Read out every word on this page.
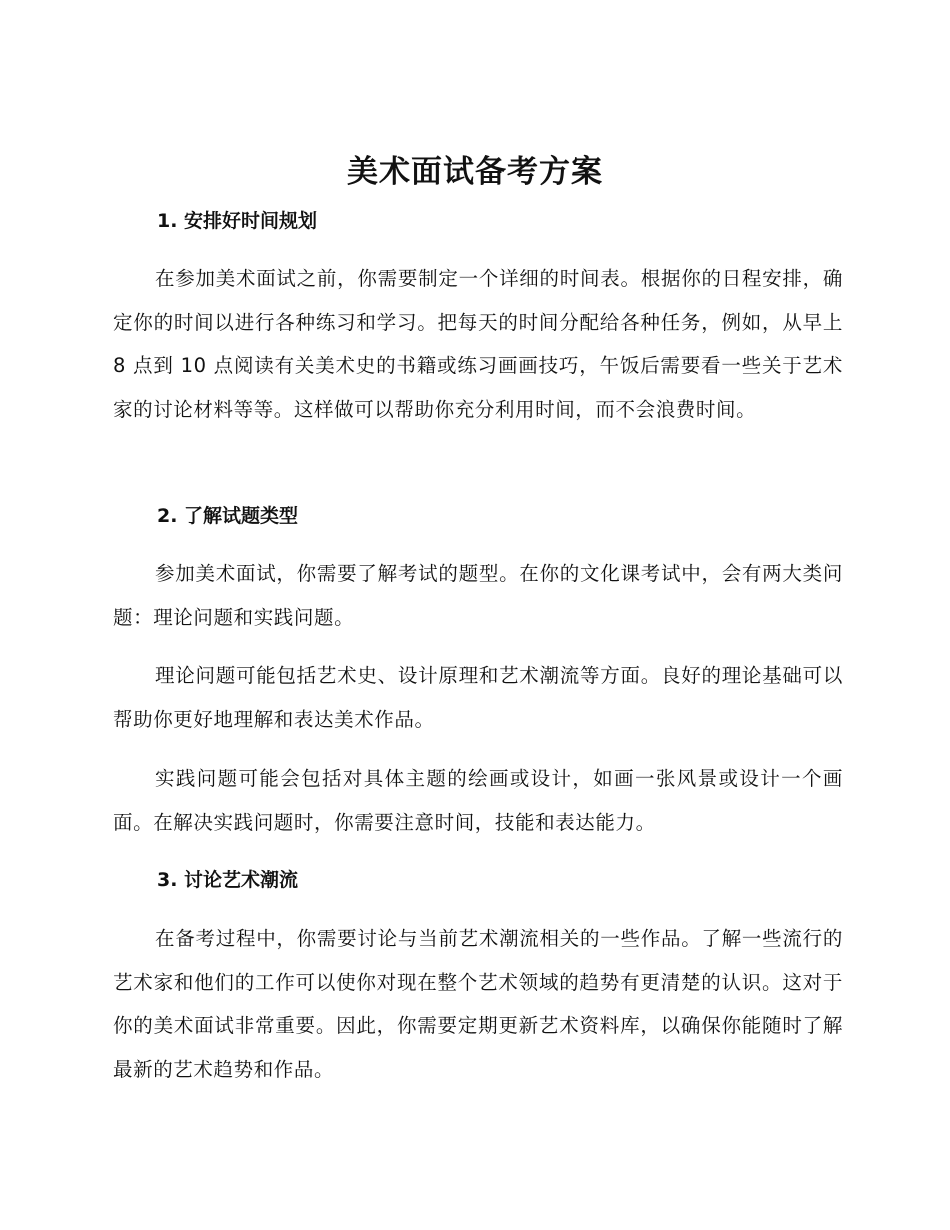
美术面试备考方案
1. 安排好时间规划

在参加美术面试之前，你需要制定一个详细的时间表。根据你的日程安排，确定你的时间以进行各种练习和学习。把每天的时间分配给各种任务，例如，从早上 8 点到 10 点阅读有关美术史的书籍或练习画画技巧，午饭后需要看一些关于艺术家的讨论材料等等。这样做可以帮助你充分利用时间，而不会浪费时间。

2. 了解试题类型

参加美术面试，你需要了解考试的题型。在你的文化课考试中，会有两大类问题：理论问题和实践问题。

理论问题可能包括艺术史、设计原理和艺术潮流等方面。良好的理论基础可以帮助你更好地理解和表达美术作品。

实践问题可能会包括对具体主题的绘画或设计，如画一张风景或设计一个画面。在解决实践问题时，你需要注意时间，技能和表达能力。

3. 讨论艺术潮流

在备考过程中，你需要讨论与当前艺术潮流相关的一些作品。了解一些流行的艺术家和他们的工作可以使你对现在整个艺术领域的趋势有更清楚的认识。这对于你的美术面试非常重要。因此，你需要定期更新艺术资料库，以确保你能随时了解最新的艺术趋势和作品。
